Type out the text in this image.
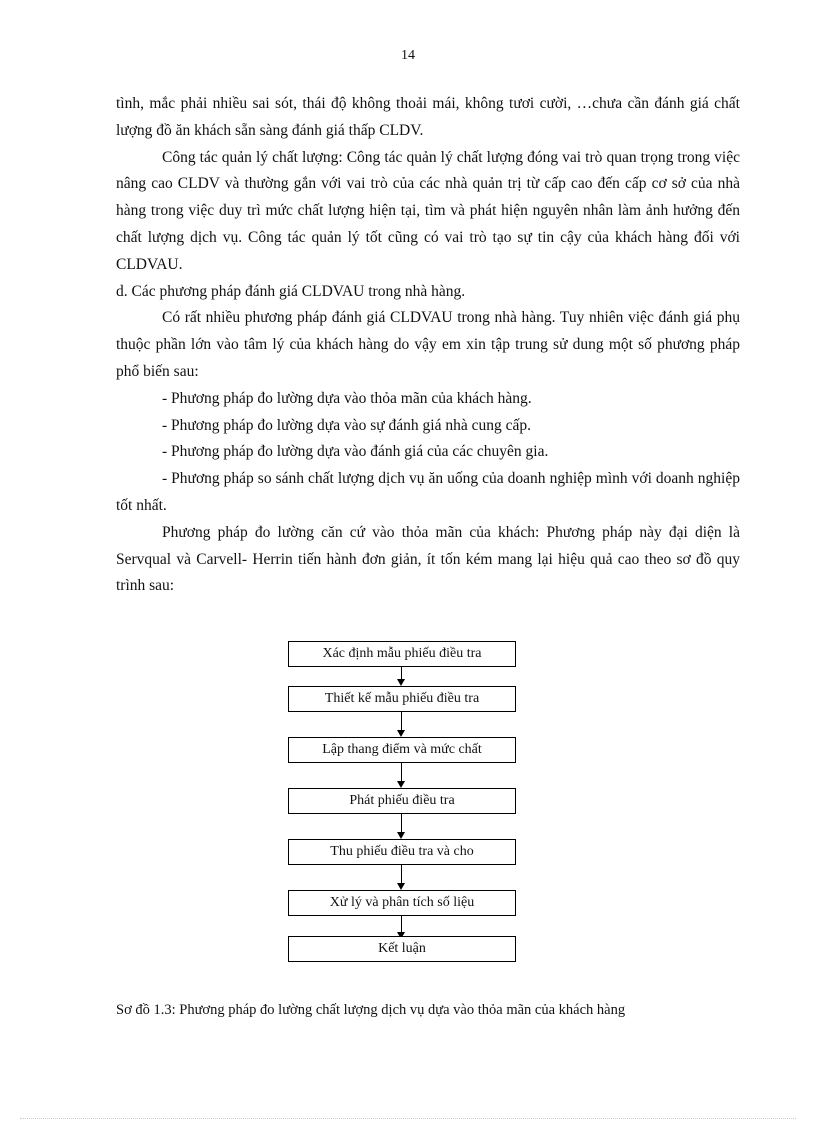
14

tình, mắc phải nhiều sai sót, thái độ không thoải mái, không tươi cười, …chưa cần đánh giá chất lượng đồ ăn khách sẵn sàng đánh giá thấp CLDV.

Công tác quản lý chất lượng: Công tác quản lý chất lượng đóng vai trò quan trọng trong việc nâng cao CLDV và thường gắn với vai trò của các nhà quản trị từ cấp cao đến cấp cơ sở của nhà hàng trong việc duy trì mức chất lượng hiện tại, tìm và phát hiện nguyên nhân làm ảnh hưởng đến chất lượng dịch vụ. Công tác quản lý tốt cũng có vai trò tạo sự tin cậy của khách hàng đối với CLDVAU.

d. Các phương pháp đánh giá CLDVAU trong nhà hàng.

Có rất nhiều phương pháp đánh giá CLDVAU trong nhà hàng. Tuy nhiên việc đánh giá phụ thuộc phần lớn vào tâm lý của khách hàng do vậy em xin tập trung sử dung một số phương pháp phổ biến sau:

- Phương pháp đo lường dựa vào thỏa mãn của khách hàng.

- Phương pháp đo lường dựa vào sự đánh giá nhà cung cấp.

- Phương pháp đo lường dựa vào đánh giá của các chuyên gia.

- Phương pháp so sánh chất lượng dịch vụ ăn uống của doanh nghiệp mình với doanh nghiệp tốt nhất.

Phương pháp đo lường căn cứ vào thỏa mãn của khách: Phương pháp này đại diện là Servqual và Carvell- Herrin tiến hành đơn giản, ít tốn kém mang lại hiệu quả cao theo sơ đồ quy trình sau:

Xác định mẫu phiếu điều tra
Thiết kế mẫu phiếu điều tra
Lập thang điểm và mức chất
Phát phiếu điều tra
Thu phiếu điều tra và cho
Xử lý và phân tích số liệu
Kết luận
Sơ đồ 1.3: Phương pháp đo lường chất lượng dịch vụ dựa vào thỏa mãn của khách hàng
